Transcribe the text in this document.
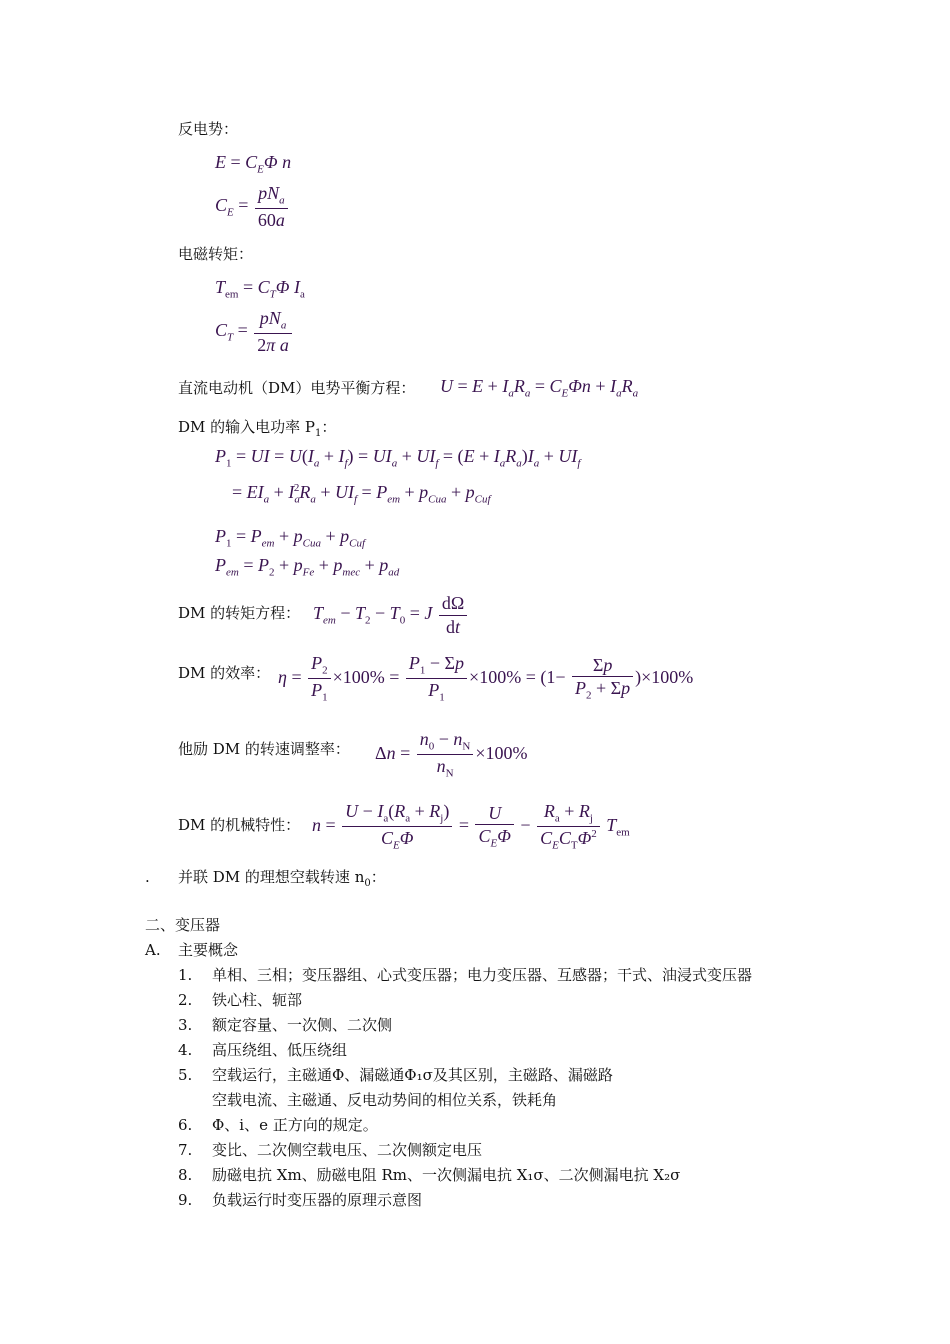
反电势：
$E = C_E\Phi$ n
$C_E = \frac{pN_a}{60a}$
电磁转矩：
$T_{em} = C_T\Phi$ $I_a$
$C_T = \frac{pN_a}{\text{2π a}}$
直流电动机（DM）电势平衡方程： $U = E + I_aR_a = C_E\Phi n + I_aR_a$
DM 的输入电功率 $P_1$：
$P_1$ = UI = $U(I_a + I_f) = UI_a + UI_f = (E + I_aR_a)I_a + UI_f$
= $EI_a + I_a^2R_a + UI_f = P_{em} + p_{Cua} + p_{Cuf}$
$P_1 = P_{em} + p_{Cua} + p_{Cuf}$
$P_{em} = P_2 + p_{Fe} + p_{mec} + p_{ad}$
DM 的转矩方程： $T_{em} - T_2 - T_0 = J \frac{d\Omega}{dt}$
DM 的效率： $\eta = \frac{P_2}{P_1} \times 100\% = \frac{P_1 - \Sigma p}{P_1} \times 100\% = (1- \frac{\Sigma p}{P_2 + \Sigma p} )\times 100\%$
他励 DM 的转速调整率： $\Delta n = \frac{n_0 - n_N}{n_N} \times 100\%$
DM 的机械特性： $n = \frac{U - I_a(R_a + R_j)}{C_E\Phi} = \frac{U}{C_E\Phi} - \frac{R_a + R_j}{C_EC_T\Phi^2} T_{em}$
. 并联 DM 的理想空载转速 $n_0$：
二、变压器
A. 主要概念
1. 单相、三相；变压器组、心式变压器；电力变压器、互感器；干式、油浸式变压器
2. 铁心柱、轭部
3. 额定容量、一次侧、二次侧
4. 高压绕组、低压绕组
5. 空载运行，主磁通Φ、漏磁通Φ₁σ及其区别，主磁路、漏磁路
空载电流、主磁通、反电动势间的相位关系，铁耗角
6. Φ、i、e 正方向的规定。
7. 变比、二次侧空载电压、二次侧额定电压
8. 励磁电抗 Xm、励磁电阻 Rm、一次侧漏电抗 X₁σ、二次侧漏电抗 X₂σ
9. 负载运行时变压器的原理示意图
